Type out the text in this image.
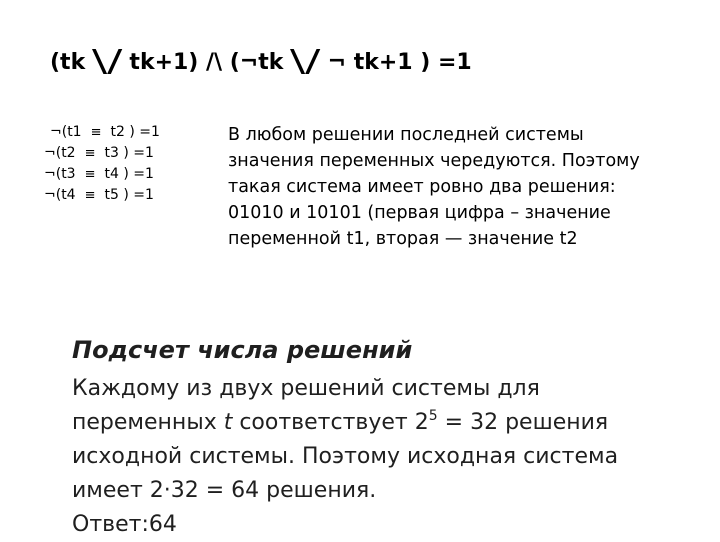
(tk \/ tk+1) /\ (¬tk \/ ¬ tk+1 ) =1
¬(t1 ≡ t2 ) =1
¬(t2 ≡ t3 ) =1
¬(t3 ≡ t4 ) =1
¬(t4 ≡ t5 ) =1
В любом решении последней системы
значения переменных чередуются. Поэтому
такая система имеет ровно два решения:
01010 и 10101 (первая цифра – значение
переменной t1, вторая — значение t2
Подсчет числа решений
Каждому из двух решений системы для
переменных t соответствует $2^5 = 32$ решения
исходной системы. Поэтому исходная система
имеет 2·32 = 64 решения.
Ответ:64
